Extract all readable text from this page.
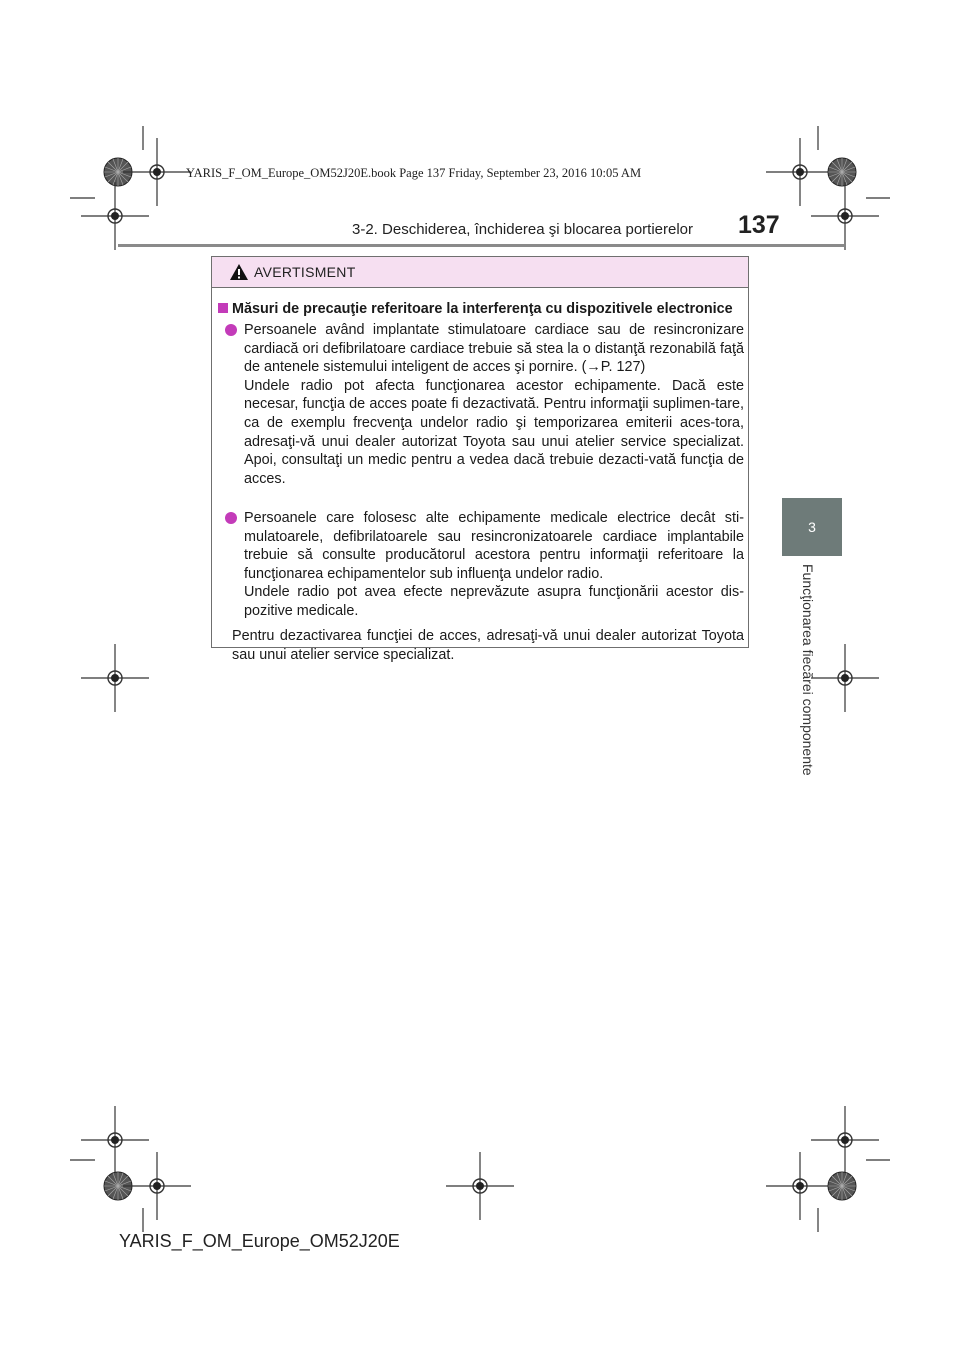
YARIS_F_OM_Europe_OM52J20E.book Page 137 Friday, September 23, 2016 10:05 AM
3-2. Deschiderea, închiderea şi blocarea portierelor 137
3
Funcţionarea fiecărei componente
AVERTISMENT
Măsuri de precauţie referitoare la interferenţa cu dispozitivele electronice

Persoanele având implantate stimulatoare cardiace sau de resincronizare cardiacă ori defibrilatoare cardiace trebuie să stea la o distanţă rezonabilă faţă de antenele sistemului inteligent de acces şi pornire. (→P. 127)

Undele radio pot afecta funcţionarea acestor echipamente. Dacă este necesar, funcţia de acces poate fi dezactivată. Pentru informaţii suplimen-tare, ca de exemplu frecvenţa undelor radio şi temporizarea emiterii aces-tora, adresaţi-vă unui dealer autorizat Toyota sau unui atelier service specializat. Apoi, consultaţi un medic pentru a vedea dacă trebuie dezacti-vată funcţia de acces.

Persoanele care folosesc alte echipamente medicale electrice decât sti-mulatoarele, defibrilatoarele sau resincronizatoarele cardiace implantabile trebuie să consulte producătorul acestora pentru informaţii referitoare la funcţionarea echipamentelor sub influenţa undelor radio.

Undele radio pot avea efecte neprevăzute asupra funcţionării acestor dis-pozitive medicale.

Pentru dezactivarea funcţiei de acces, adresaţi-vă unui dealer autorizat Toyota sau unui atelier service specializat.

YARIS_F_OM_Europe_OM52J20E
